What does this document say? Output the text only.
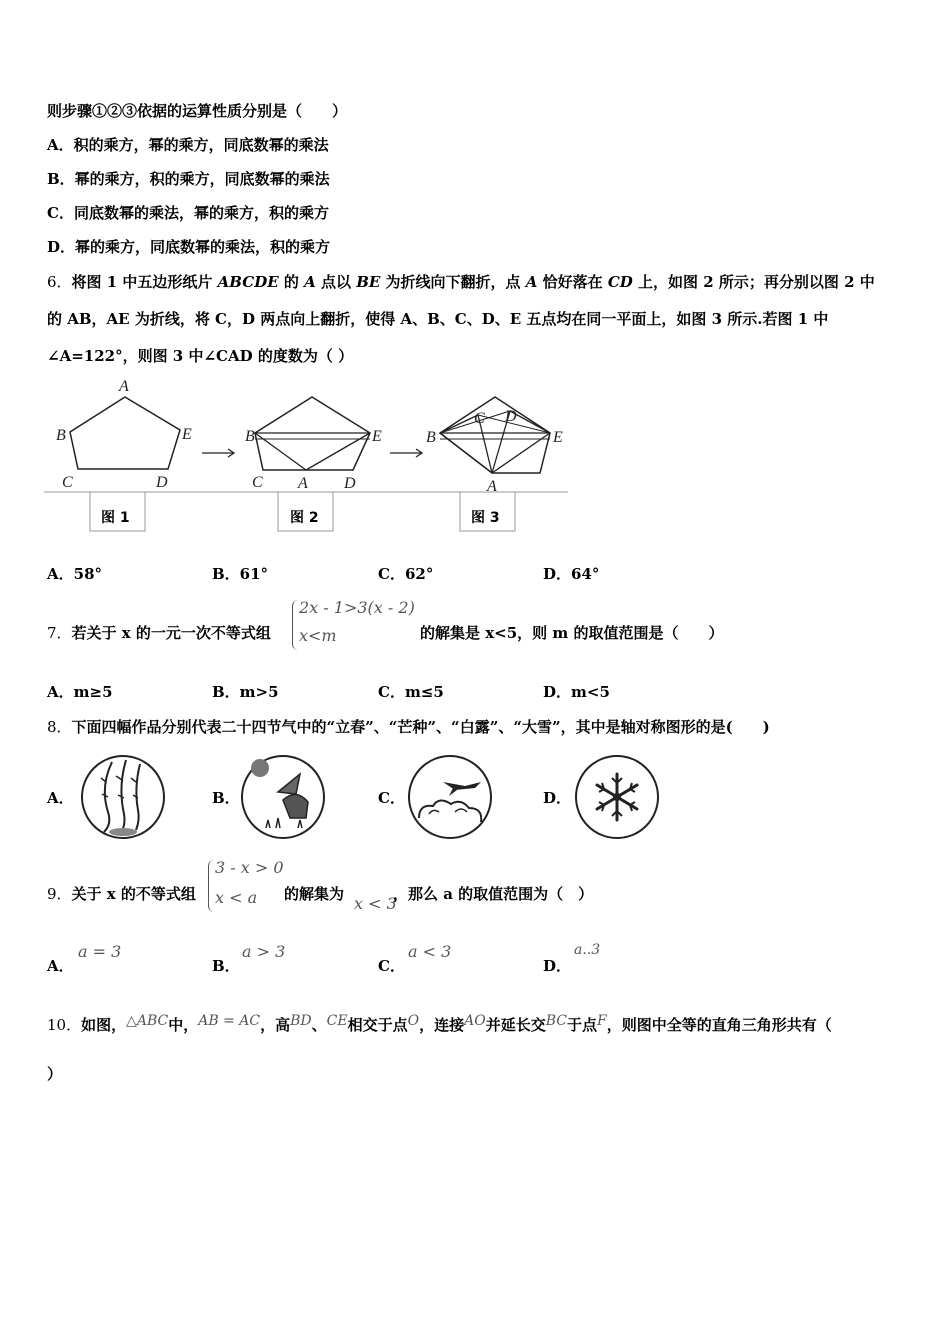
则步骤①②③依据的运算性质分别是（　　）
A．积的乘方，幂的乘方，同底数幂的乘法
B．幂的乘方，积的乘方，同底数幂的乘法
C．同底数幂的乘法，幂的乘方，积的乘方
D．幂的乘方，同底数幂的乘法，积的乘方
6．将图 1 中五边形纸片 ABCDE 的 A 点以 BE 为折线向下翻折，点 A 恰好落在 CD 上，如图 2 所示；再分别以图 2 中
的 AB，AE 为折线，将 C，D 两点向上翻折，使得 A、B、C、D、E 五点均在同一平面上，如图 3 所示.若图 1 中
∠A=122°，则图 3 中∠CAD 的度数为（ ）
A
B	E
C	D
B	E
C A D
C D
B	E
A
图 1	图 2	图 3
A．58°	B．61°	C．62°	D．64°
7．若关于 x 的一元一次不等式组
2x - 1>3(x - 2)
x<m	的解集是 x<5，则 m 的取值范围是（　　）
A．m≥5	B．m>5	C．m≤5	D．m<5
8．下面四幅作品分别代表二十四节气中的“立春”、“芒种”、“白露”、“大雪”，其中是轴对称图形的是(　　)
A．	B．	C．	D．
9．关于 x 的不等式组
3 - x > 0
x < a 的解集为 x < 3
，那么 a 的取值范围为（　）
A．
a = 3
B．
a > 3
C．
a < 3
D．
a..3
10．如图，△ABC中，AB = AC，高BD、CE相交于点O，连接AO并延长交BC于点F，则图中全等的直角三角形共有（
）
